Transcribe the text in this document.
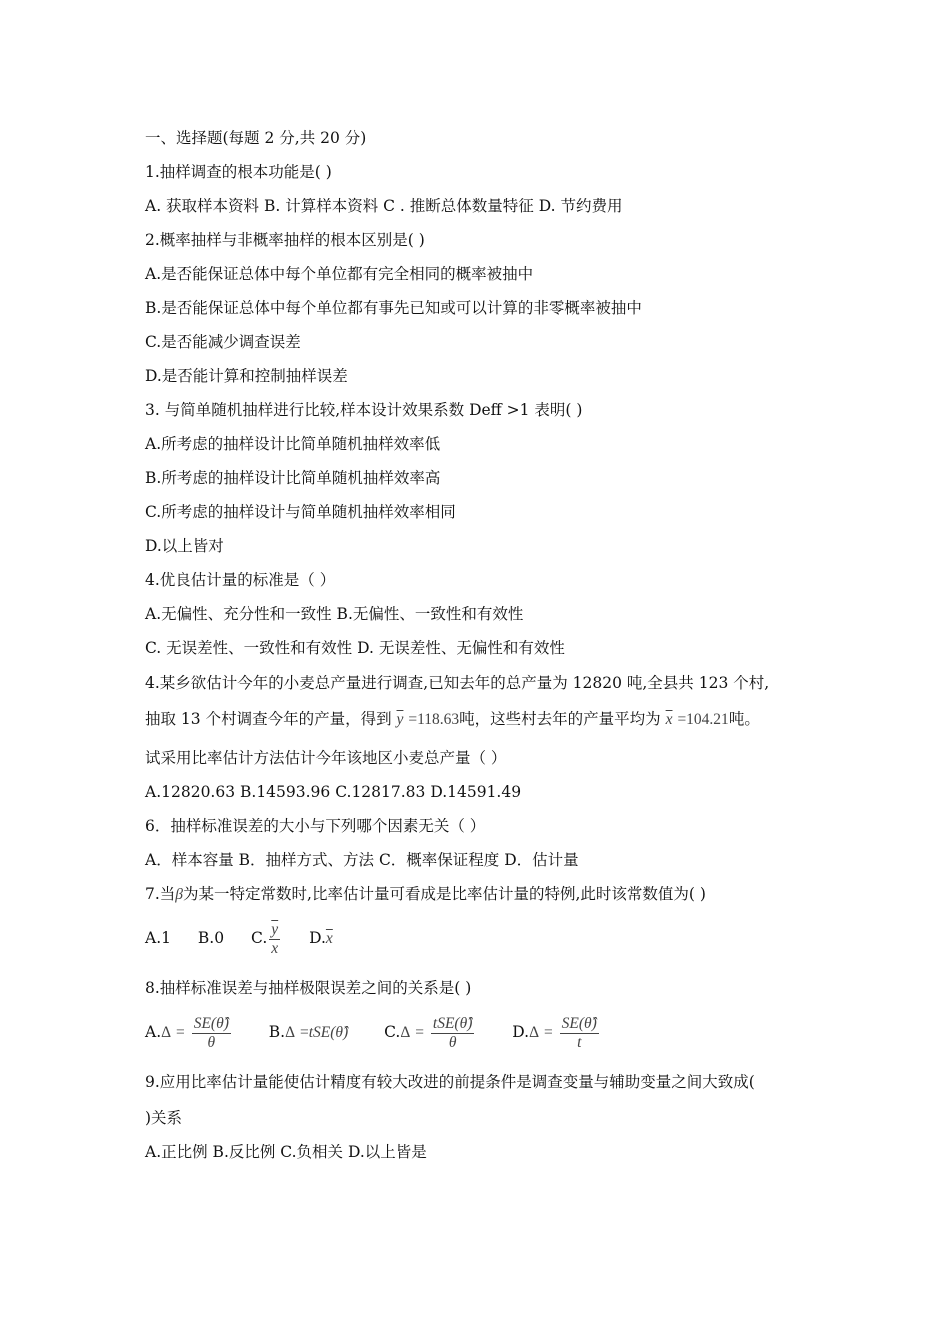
一、选择题(每题 2 分,共 20 分)
1.抽样调查的根本功能是( )
A. 获取样本资料 B. 计算样本资料 C . 推断总体数量特征 D. 节约费用
2.概率抽样与非概率抽样的根本区别是( )
A.是否能保证总体中每个单位都有完全相同的概率被抽中
B.是否能保证总体中每个单位都有事先已知或可以计算的非零概率被抽中
C.是否能减少调查误差
D.是否能计算和控制抽样误差
3. 与简单随机抽样进行比较,样本设计效果系数 Deff >1 表明( )
A.所考虑的抽样设计比简单随机抽样效率低
B.所考虑的抽样设计比简单随机抽样效率高
C.所考虑的抽样设计与简单随机抽样效率相同
D.以上皆对
4.优良估计量的标准是（ ）
A.无偏性、充分性和一致性 B.无偏性、一致性和有效性
C. 无误差性、一致性和有效性 D. 无误差性、无偏性和有效性
4.某乡欲估计今年的小麦总产量进行调查,已知去年的总产量为 12820 吨,全县共 123 个村,
抽取 13 个村调查今年的产量，得到 $\overline{y} =118.63$吨，这些村去年的产量平均为 $\overline{x} =104.21$吨。
试采用比率估计方法估计今年该地区小麦总产量（ ）
A.12820.63 B.14593.96 C.12817.83 D.14591.49
6．抽样标准误差的大小与下列哪个因素无关（ ）
A．样本容量 B．抽样方式、方法 C．概率保证程度 D．估计量
7.当β为某一特定常数时,比率估计量可看成是比率估计量的特例,此时该常数值为( )
A.1 B.0 C. $\frac{\overline{y}}{x} D.\overline{x}$
8.抽样标准误差与抽样极限误差之间的关系是( )
$A.\Delta = \frac{SE(\thetâ)}{\theta} B.\Delta$ =tSE(θ̂) $C.\Delta = \frac{\text{tSE(θ̂)}}{\theta} D.\Delta = \frac{SE(\thetâ)}{t}$
9.应用比率估计量能使估计精度有较大改进的前提条件是调查变量与辅助变量之间大致成(
)关系
A.正比例 B.反比例 C.负相关 D.以上皆是
